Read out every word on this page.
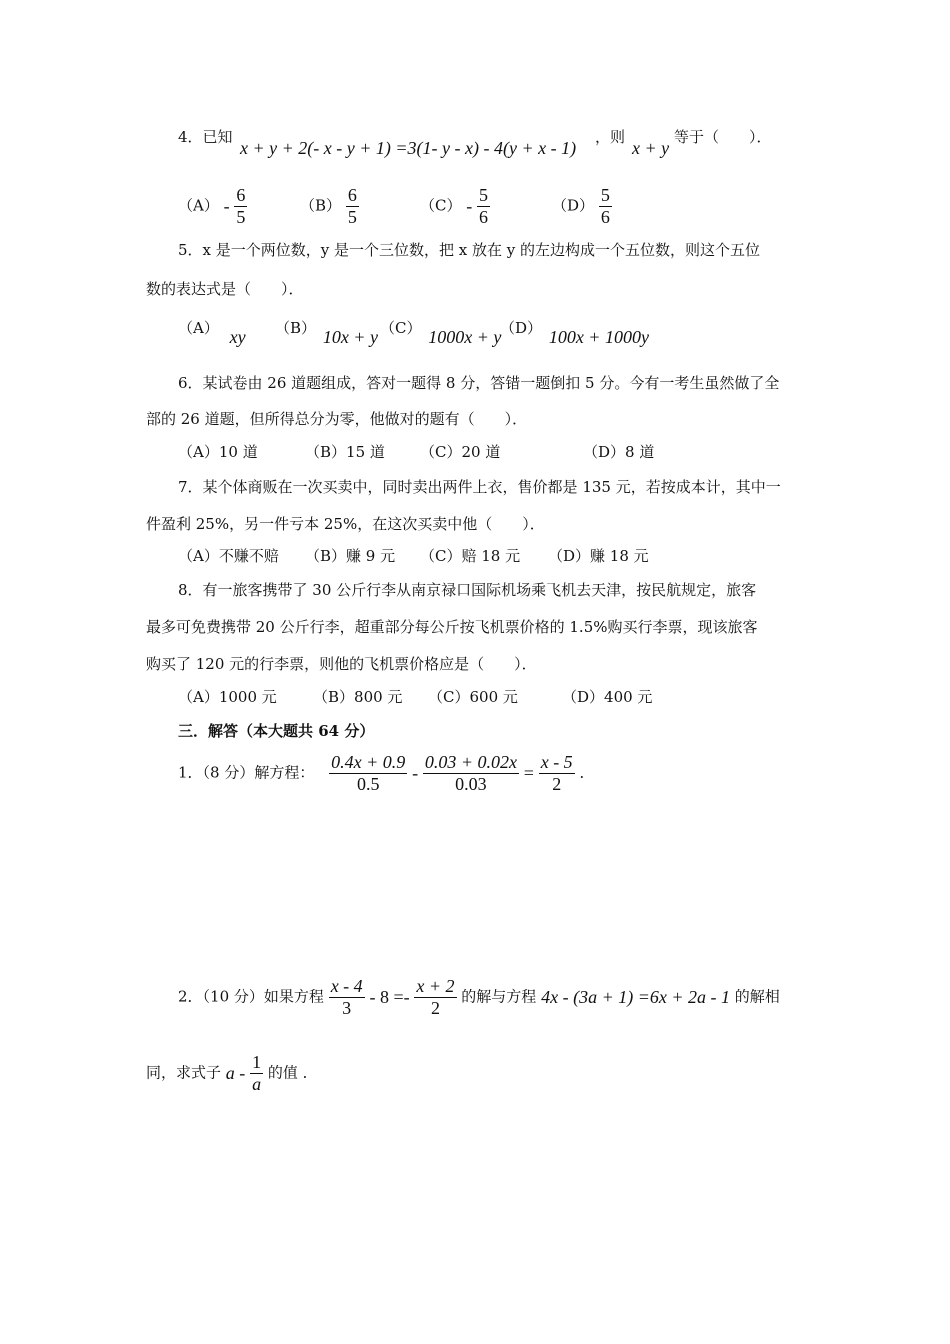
4．已知
x + y + 2(- x - y + 1) =3(1- y - x) - 4(y + x - 1)
，则
x + y
等于（　　）．
$(A) - \frac{6}{5}$	$(B) \frac{6}{5}$	$(C) - \frac{5}{6}$	$(D) \frac{5}{6}$
5．x 是一个两位数，y 是一个三位数，把 x 放在 y 的左边构成一个五位数，则这个五位
数的表达式是（　　）．
（A） xy （B） 10x + y （C） 1000x + y
（D） 100x + 1000y
6．某试卷由 26 道题组成，答对一题得 8 分，答错一题倒扣 5 分。今有一考生虽然做了全
部的 26 道题，但所得总分为零，他做对的题有（　　）．
（A）10 道	（B）15 道 （C）20 道	（D）8 道
7．某个体商贩在一次买卖中，同时卖出两件上衣，售价都是 135 元，若按成本计，其中一
件盈利 25%，另一件亏本 25%，在这次买卖中他（　　）．
（A）不赚不赔 （B）赚 9 元 （C）赔 18 元 （D）赚 18 元
8．有一旅客携带了 30 公斤行李从南京禄口国际机场乘飞机去天津，按民航规定，旅客
最多可免费携带 20 公斤行李，超重部分每公斤按飞机票价格的 1.5%购买行李票，现该旅客
购买了 120 元的行李票，则他的飞机票价格应是（　　）．
（A）1000 元 （B）800 元 （C）600 元	（D）400 元
三．解答（本大题共 64 分）
1．（8 分）解方程： $\frac{0.4x + 0.9}{0.5} - \frac{0.03 + 0.02x}{0.03} = \frac{x - 5}{2}$ ．
2．（10 分）如果方程 $\frac{x - 4}{3} - 8 =- \frac{x + 2}{2}$ 的解与方程 4x - (3a + 1) =6x + 2a - 1 的解相
同，求式子 a - $\frac{1}{a}$ 的值 ．
